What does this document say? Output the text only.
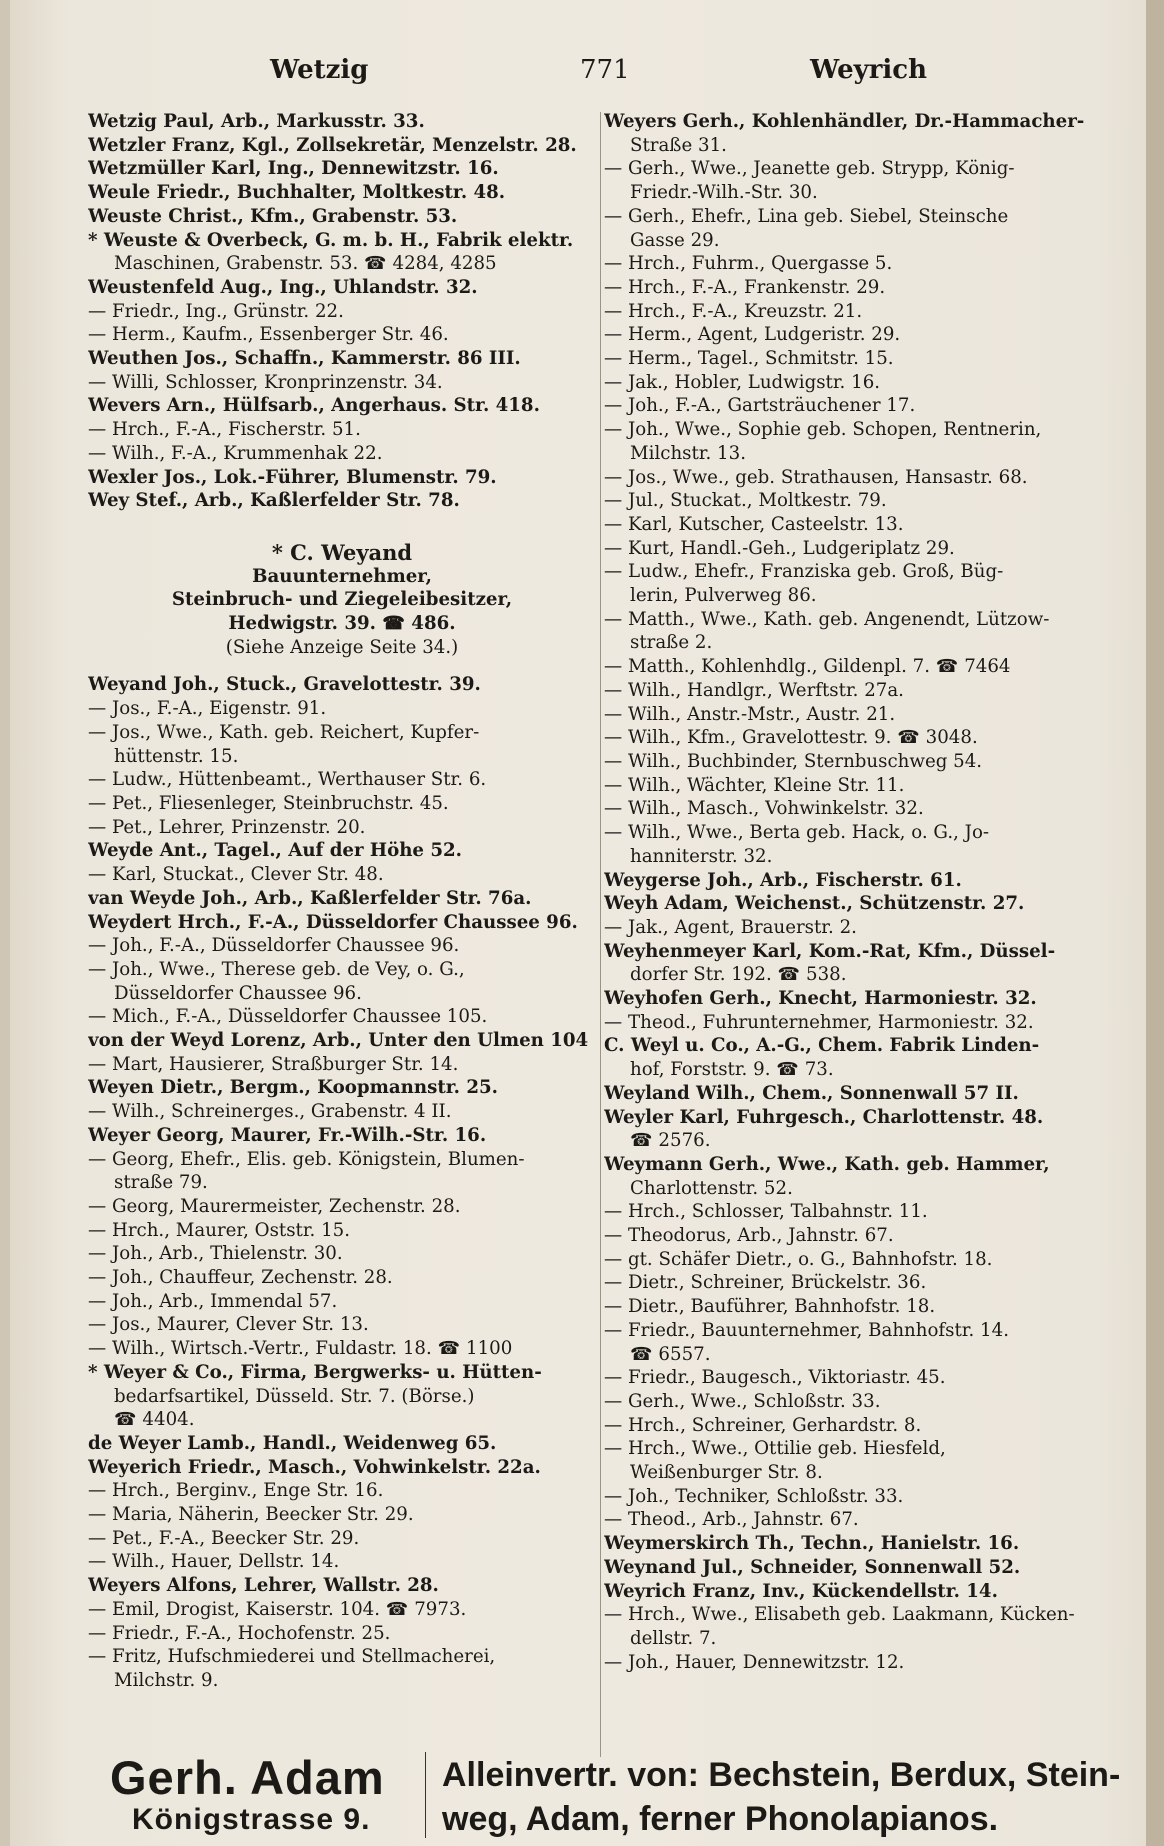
Wetzig	771	Weyrich
Wetzig Paul, Arb., Markusstr. 33.
Wetzler Franz, Kgl., Zollsekretär, Menzelstr. 28.
Wetzmüller Karl, Ing., Dennewitzstr. 16.
Weule Friedr., Buchhalter, Moltkestr. 48.
Weuste Christ., Kfm., Grabenstr. 53.
* Weuste & Overbeck, G. m. b. H., Fabrik elektr.
Maschinen, Grabenstr. 53. ☎ 4284, 4285
Weustenfeld Aug., Ing., Uhlandstr. 32.
— Friedr., Ing., Grünstr. 22.
— Herm., Kaufm., Essenberger Str. 46.
Weuthen Jos., Schaffn., Kammerstr. 86 III.
— Willi, Schlosser, Kronprinzenstr. 34.
Wevers Arn., Hülfsarb., Angerhaus. Str. 418.
— Hrch., F.-A., Fischerstr. 51.
— Wilh., F.-A., Krummenhak 22.
Wexler Jos., Lok.-Führer, Blumenstr. 79.
Wey Stef., Arb., Kaßlerfelder Str. 78.
* C. Weyand
Bauunternehmer,
Steinbruch- und Ziegeleibesitzer,
Hedwigstr. 39. ☎ 486.
(Siehe Anzeige Seite 34.)
Weyand Joh., Stuck., Gravelottestr. 39.
— Jos., F.-A., Eigenstr. 91.
— Jos., Wwe., Kath. geb. Reichert, Kupfer-
hüttenstr. 15.
— Ludw., Hüttenbeamt., Werthauser Str. 6.
— Pet., Fliesenleger, Steinbruchstr. 45.
— Pet., Lehrer, Prinzenstr. 20.
Weyde Ant., Tagel., Auf der Höhe 52.
— Karl, Stuckat., Clever Str. 48.
van Weyde Joh., Arb., Kaßlerfelder Str. 76a.
Weydert Hrch., F.-A., Düsseldorfer Chaussee 96.
— Joh., F.-A., Düsseldorfer Chaussee 96.
— Joh., Wwe., Therese geb. de Vey, o. G.,
Düsseldorfer Chaussee 96.
— Mich., F.-A., Düsseldorfer Chaussee 105.
von der Weyd Lorenz, Arb., Unter den Ulmen 104
— Mart, Hausierer, Straßburger Str. 14.
Weyen Dietr., Bergm., Koopmannstr. 25.
— Wilh., Schreinerges., Grabenstr. 4 II.
Weyer Georg, Maurer, Fr.-Wilh.-Str. 16.
— Georg, Ehefr., Elis. geb. Königstein, Blumen-
straße 79.
— Georg, Maurermeister, Zechenstr. 28.
— Hrch., Maurer, Oststr. 15.
— Joh., Arb., Thielenstr. 30.
— Joh., Chauffeur, Zechenstr. 28.
— Joh., Arb., Immendal 57.
— Jos., Maurer, Clever Str. 13.
— Wilh., Wirtsch.-Vertr., Fuldastr. 18. ☎ 1100
* Weyer & Co., Firma, Bergwerks- u. Hütten-
bedarfsartikel, Düsseld. Str. 7. (Börse.)
☎ 4404.
de Weyer Lamb., Handl., Weidenweg 65.
Weyerich Friedr., Masch., Vohwinkelstr. 22a.
— Hrch., Berginv., Enge Str. 16.
— Maria, Näherin, Beecker Str. 29.
— Pet., F.-A., Beecker Str. 29.
— Wilh., Hauer, Dellstr. 14.
Weyers Alfons, Lehrer, Wallstr. 28.
— Emil, Drogist, Kaiserstr. 104. ☎ 7973.
— Friedr., F.-A., Hochofenstr. 25.
— Fritz, Hufschmiederei und Stellmacherei,
Milchstr. 9.
Weyers Gerh., Kohlenhändler, Dr.-Hammacher-
Straße 31.
— Gerh., Wwe., Jeanette geb. Strypp, König-
Friedr.-Wilh.-Str. 30.
— Gerh., Ehefr., Lina geb. Siebel, Steinsche
Gasse 29.
— Hrch., Fuhrm., Quergasse 5.
— Hrch., F.-A., Frankenstr. 29.
— Hrch., F.-A., Kreuzstr. 21.
— Herm., Agent, Ludgeristr. 29.
— Herm., Tagel., Schmitstr. 15.
— Jak., Hobler, Ludwigstr. 16.
— Joh., F.-A., Gartsträuchener 17.
— Joh., Wwe., Sophie geb. Schopen, Rentnerin,
Milchstr. 13.
— Jos., Wwe., geb. Strathausen, Hansastr. 68.
— Jul., Stuckat., Moltkestr. 79.
— Karl, Kutscher, Casteelstr. 13.
— Kurt, Handl.-Geh., Ludgeriplatz 29.
— Ludw., Ehefr., Franziska geb. Groß, Büg-
lerin, Pulverweg 86.
— Matth., Wwe., Kath. geb. Angenendt, Lützow-
straße 2.
— Matth., Kohlenhdlg., Gildenpl. 7. ☎ 7464
— Wilh., Handlgr., Werftstr. 27a.
— Wilh., Anstr.-Mstr., Austr. 21.
— Wilh., Kfm., Gravelottestr. 9. ☎ 3048.
— Wilh., Buchbinder, Sternbuschweg 54.
— Wilh., Wächter, Kleine Str. 11.
— Wilh., Masch., Vohwinkelstr. 32.
— Wilh., Wwe., Berta geb. Hack, o. G., Jo-
hanniterstr. 32.
Weygerse Joh., Arb., Fischerstr. 61.
Weyh Adam, Weichenst., Schützenstr. 27.
— Jak., Agent, Brauerstr. 2.
Weyhenmeyer Karl, Kom.-Rat, Kfm., Düssel-
dorfer Str. 192. ☎ 538.
Weyhofen Gerh., Knecht, Harmoniestr. 32.
— Theod., Fuhrunternehmer, Harmoniestr. 32.
C. Weyl u. Co., A.-G., Chem. Fabrik Linden-
hof, Forststr. 9. ☎ 73.
Weyland Wilh., Chem., Sonnenwall 57 II.
Weyler Karl, Fuhrgesch., Charlottenstr. 48.
☎ 2576.
Weymann Gerh., Wwe., Kath. geb. Hammer,
Charlottenstr. 52.
— Hrch., Schlosser, Talbahnstr. 11.
— Theodorus, Arb., Jahnstr. 67.
— gt. Schäfer Dietr., o. G., Bahnhofstr. 18.
— Dietr., Schreiner, Brückelstr. 36.
— Dietr., Bauführer, Bahnhofstr. 18.
— Friedr., Bauunternehmer, Bahnhofstr. 14.
☎ 6557.
— Friedr., Baugesch., Viktoriastr. 45.
— Gerh., Wwe., Schloßstr. 33.
— Hrch., Schreiner, Gerhardstr. 8.
— Hrch., Wwe., Ottilie geb. Hiesfeld,
Weißenburger Str. 8.
— Joh., Techniker, Schloßstr. 33.
— Theod., Arb., Jahnstr. 67.
Weymerskirch Th., Techn., Hanielstr. 16.
Weynand Jul., Schneider, Sonnenwall 52.
Weyrich Franz, Inv., Kückendellstr. 14.
— Hrch., Wwe., Elisabeth geb. Laakmann, Kücken-
dellstr. 7.
— Joh., Hauer, Dennewitzstr. 12.
Gerh. Adam
Königstrasse 9.
Alleinvertr. von: Bechstein, Berdux, Stein-
weg, Adam, ferner Phonolapianos.
